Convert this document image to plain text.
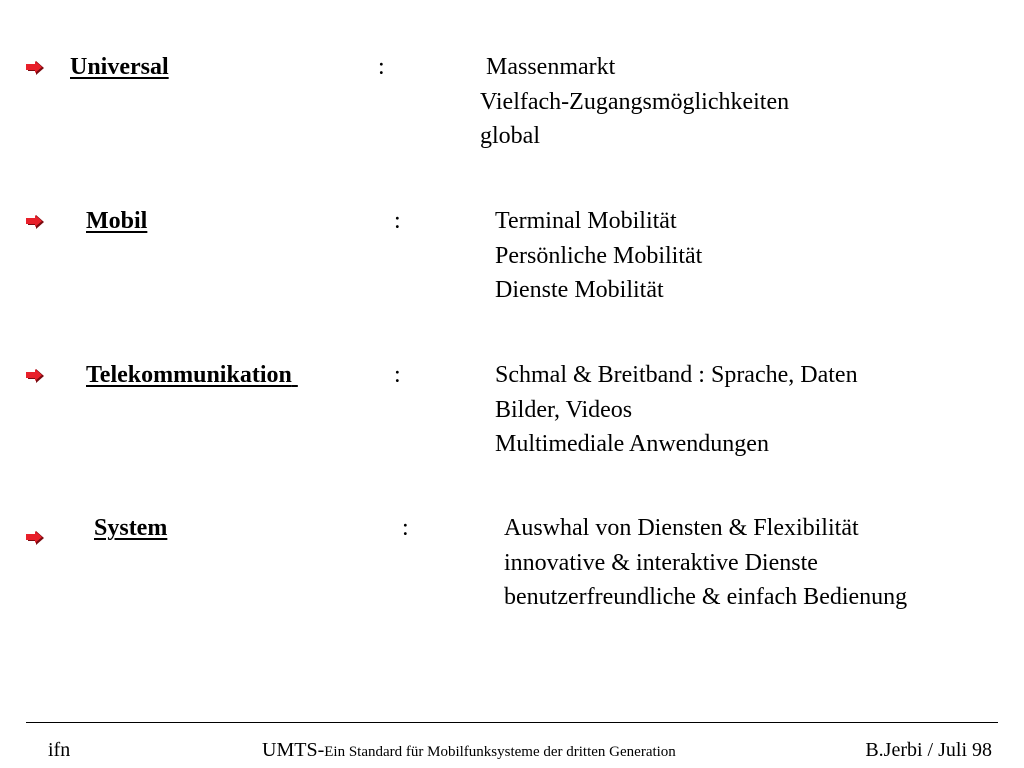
Universal	:	Massenmarkt
Vielfach-Zugangsmöglichkeiten
global
Mobil	:	Terminal Mobilität
Persönliche Mobilität
Dienste Mobilität
Telekommunikation	:	Schmal & Breitband : Sprache, Daten
Bilder, Videos
Multimediale Anwendungen
System	:	Auswhal von Diensten & Flexibilität
innovative & interaktive Dienste
benutzerfreundliche & einfach Bedienung
ifn	UMTS-Ein Standard für Mobilfunksysteme der dritten Generation	B.Jerbi / Juli 98
